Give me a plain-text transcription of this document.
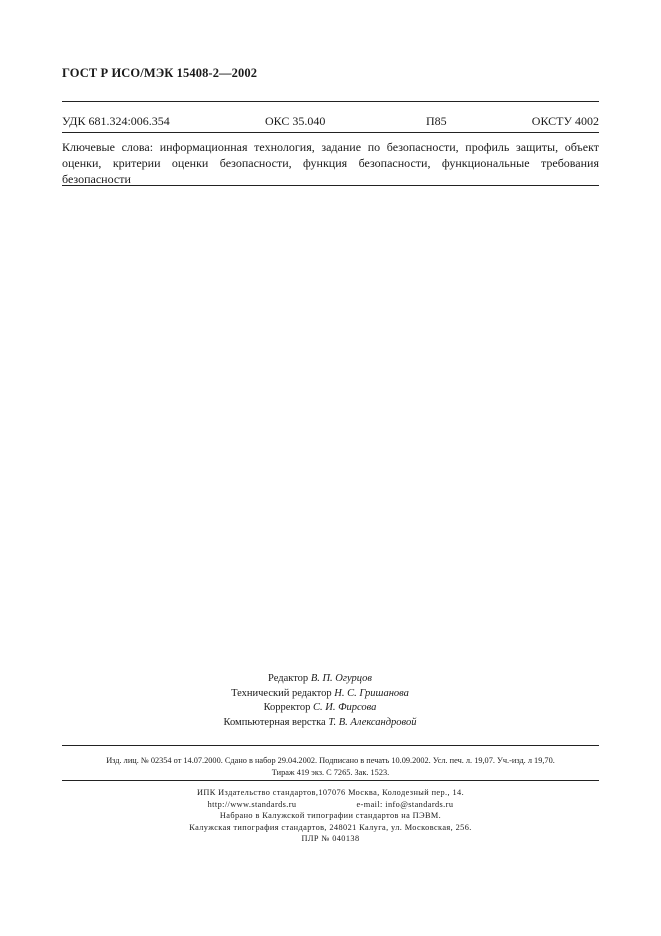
ГОСТ Р ИСО/МЭК 15408-2—2002
УДК 681.324:006.354	ОКС 35.040	П85	ОКСТУ 4002
Ключевые слова: информационная технология, задание по безопасности, профиль защиты, объект оценки, критерии оценки безопасности, функция безопасности, функциональные требования безопасности
Редактор В. П. Огурцов
Технический редактор Н. С. Гришанова
Корректор С. И. Фирсова
Компьютерная верстка Т. В. Александровой
Изд. лиц. № 02354 от 14.07.2000. Сдано в набор 29.04.2002. Подписано в печать 10.09.2002. Усл. печ. л. 19,07. Уч.-изд. л 19,70.
Тираж 419 экз. С 7265. Зак. 1523.
ИПК Издательство стандартов,107076 Москва, Колодезный пер., 14.
http://www.standards.ru	e-mail: info@standards.ru
Набрано в Калужской типографии стандартов на ПЭВМ.
Калужская типография стандартов, 248021 Калуга, ул. Московская, 256.
ПЛР № 040138
